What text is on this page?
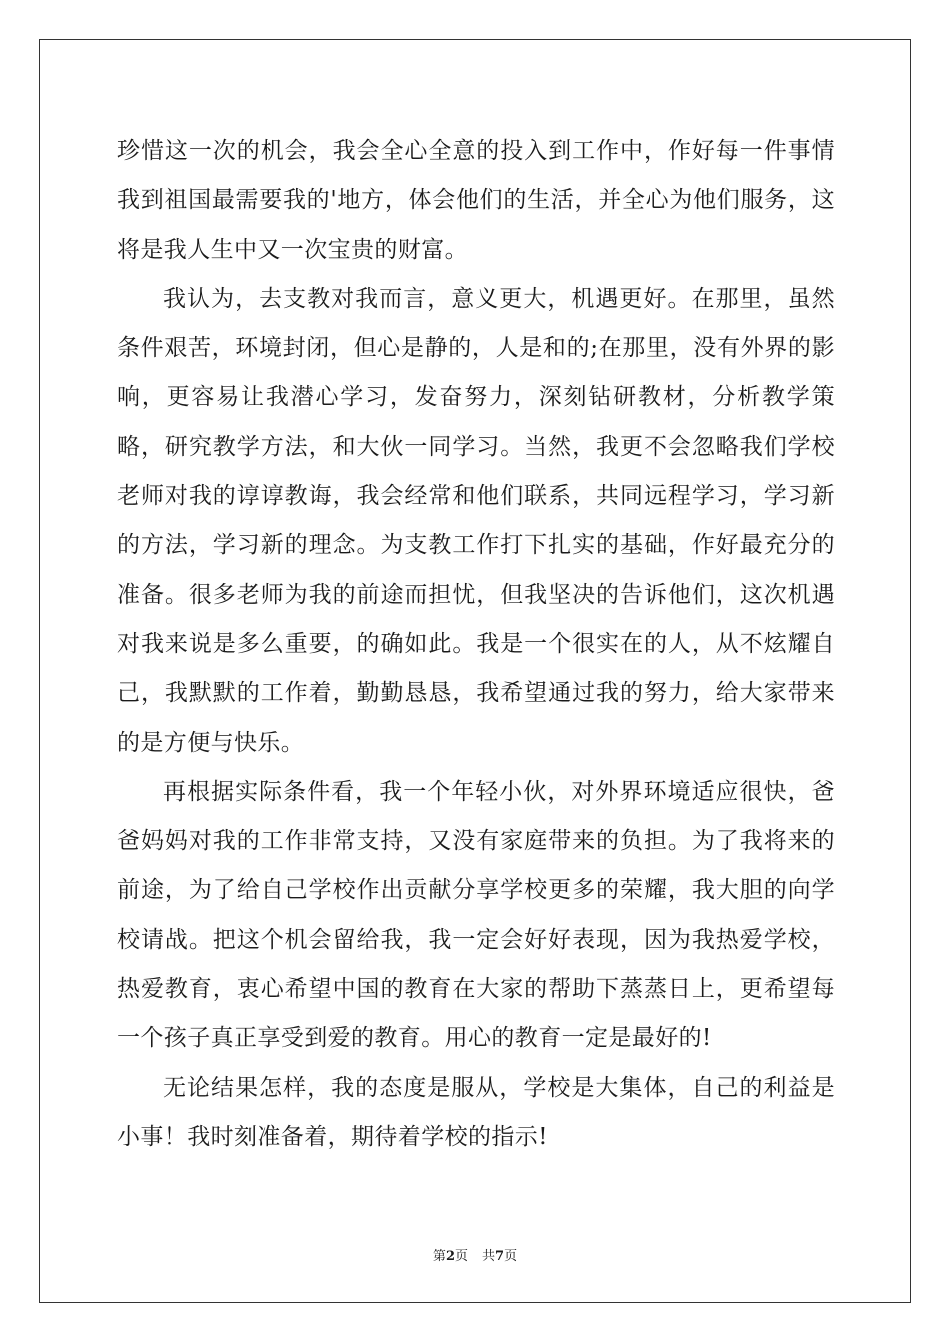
珍惜这一次的机会，我会全心全意的投入到工作中，作好每一件事情我到祖国最需要我的'地方，体会他们的生活，并全心为他们服务，这将是我人生中又一次宝贵的财富。

我认为，去支教对我而言，意义更大，机遇更好。在那里，虽然条件艰苦，环境封闭，但心是静的，人是和的;在那里，没有外界的影响，更容易让我潜心学习，发奋努力，深刻钻研教材，分析教学策略，研究教学方法，和大伙一同学习。当然，我更不会忽略我们学校老师对我的谆谆教诲，我会经常和他们联系，共同远程学习，学习新的方法，学习新的理念。为支教工作打下扎实的基础，作好最充分的准备。很多老师为我的前途而担忧，但我坚决的告诉他们，这次机遇对我来说是多么重要，的确如此。我是一个很实在的人，从不炫耀自己，我默默的工作着，勤勤恳恳，我希望通过我的努力，给大家带来的是方便与快乐。

再根据实际条件看，我一个年轻小伙，对外界环境适应很快，爸爸妈妈对我的工作非常支持，又没有家庭带来的负担。为了我将来的前途，为了给自己学校作出贡献分享学校更多的荣耀，我大胆的向学校请战。把这个机会留给我，我一定会好好表现，因为我热爱学校，热爱教育，衷心希望中国的教育在大家的帮助下蒸蒸日上，更希望每一个孩子真正享受到爱的教育。用心的教育一定是最好的!

无论结果怎样，我的态度是服从，学校是大集体，自己的利益是小事！我时刻准备着，期待着学校的指示!

第2页 共7页
